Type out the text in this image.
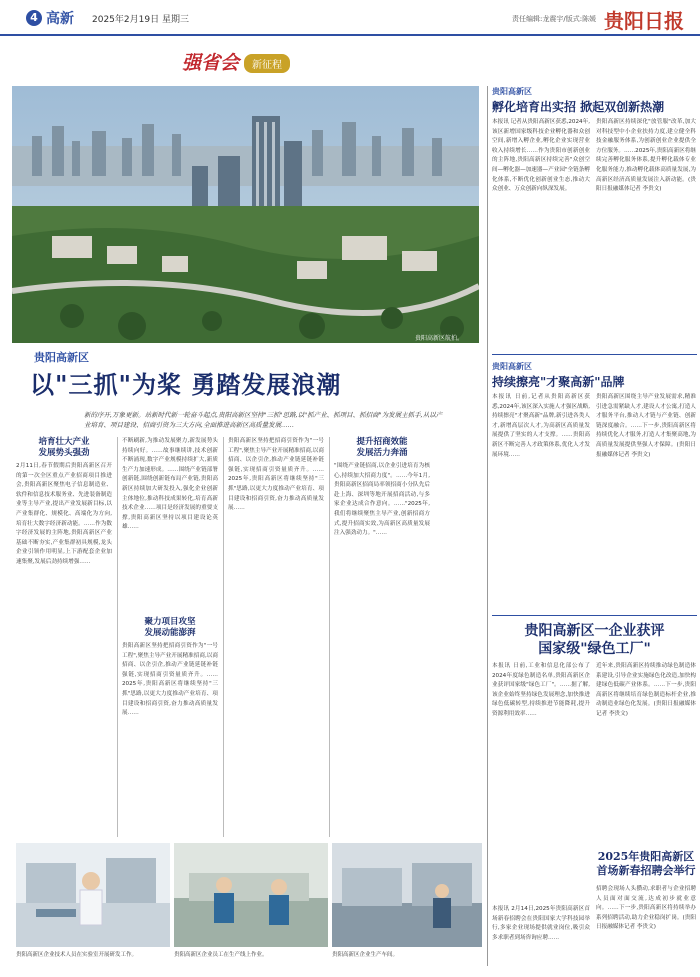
4 高新 2025年2月19日 星期三	责任编辑:龙震宇/版式:陈媛 贵阳日报
强省会	新征程
贵阳高新区航拍。
贵阳高新区
以"三抓"为桨 勇踏发展浪潮
新的序开,万象更新。站新时代新一轮奋斗起点,贵阳高新区坚持"三抓"思路,以"抓产业、抓项目、抓招商"为发展主抓手,从以产业培育、项目建设、招商引资为三大方向,全面推进高新区高质量发展……
培育壮大产业
发展势头强劲
2月11日,春节假期后贵阳高新区召开的第一次全区重点产业招商项目推进会,贵阳高新区聚焦电子信息制造业、软件和信息技术服务业、先进装备制造业等主导产业,提出产业发展新目标,以产业集群化、规模化、高端化为方向,培育壮大数字经济新动能。……作为数字经济发展的主阵地,贵阳高新区产业基础不断夯实,产业集群初具规模,龙头企业引领作用明显,上下游配套企业加速集聚,发展后劲持续增强……
不断刷新,为推动发展聚力,新发展势头持续向好。……故事继续讲,技术创新不断涌现,数字产业规模持续扩大,新质生产力加速形成。……围绕产业链部署创新链,围绕创新链布局产业链,贵阳高新区持续加大研发投入,强化企业创新主体地位,推动科技成果转化,培育高新技术企业……项目是经济发展的重要支撑,贵阳高新区坚持以项目建设论英雄……
聚力项目攻坚
发展动能澎湃
贵阳高新区坚持把招商引资作为"一号工程",聚焦主导产业开展精准招商,以商招商、以企引企,推动产业链延链补链强链,实现招商引资量质齐升。……2025年,贵阳高新区将继续坚持"三抓"思路,以更大力度推动产业培育、项目建设和招商引资,奋力推动高质量发展……
贵阳高新区坚持把招商引资作为"一号工程",聚焦主导产业开展精准招商,以商招商、以企引企,推动产业链延链补链强链,实现招商引资量质齐升。……2025年,贵阳高新区将继续坚持"三抓"思路,以更大力度推动产业培育、项目建设和招商引资,奋力推动高质量发展……
提升招商效能
发展活力奔涌
"围绕产业链招商,以企业引进培育为核心,持续加大招商力度"。……今年1月,贵阳高新区招商局率领招商小分队先后赴上海、深圳等地开展招商活动,与多家企业达成合作意向。……"2025年,我们将继续聚焦主导产业,创新招商方式,提升招商实效,为高新区高质量发展注入强劲动力。"……
贵阳高新区企业技术人员在实验室开展研发工作。	贵阳高新区企业员工在生产线上作业。	贵阳高新区企业生产车间。
贵阳高新区
孵化培育出实招 掀起双创新热潮
本报讯 记者从贵阳高新区获悉,2024年,该区新增国家级科技企业孵化器和众创空间,新增入孵企业,孵化企业实现营业收入持续增长……作为贵阳市创新创业的主阵地,贵阳高新区持续完善"众创空间—孵化器—加速器—产业园"全链条孵化体系,不断优化创新创业生态,推动大众创业、万众创新向纵深发展。
贵阳高新区持续深化"放管服"改革,加大对科技型中小企业扶持力度,建立健全科技金融服务体系,为创新创业企业提供全方位服务。……2025年,贵阳高新区将继续完善孵化服务体系,提升孵化载体专业化服务能力,推动孵化载体高质量发展,为高新区经济高质量发展注入新动能。(贵阳日报融媒体记者 李贵文)
贵阳高新区
持续擦亮"才聚高新"品牌
本报讯 日前,记者从贵阳高新区获悉,2024年,该区深入实施人才强区战略,持续擦亮"才聚高新"品牌,新引进各类人才,新增高层次人才,为高新区高质量发展提供了坚实的人才支撑。……贵阳高新区不断完善人才政策体系,优化人才发展环境……
贵阳高新区围绕主导产业发展需求,精准引进急需紧缺人才,建设人才公寓,打造人才服务平台,推动人才链与产业链、创新链深度融合。……下一步,贵阳高新区将持续优化人才服务,打造人才集聚高地,为高质量发展提供坚强人才保障。(贵阳日报融媒体记者 李贵文)
贵阳高新区一企业获评
国家级"绿色工厂"
本报讯 日前,工业和信息化部公布了2024年度绿色制造名单,贵阳高新区企业获评国家级"绿色工厂"。……据了解,该企业始终坚持绿色发展理念,加快推进绿色低碳转型,持续推进节能降耗,提升资源利用效率……
近年来,贵阳高新区持续推动绿色制造体系建设,引导企业实施绿色化改造,加快构建绿色低碳产业体系。……下一步,贵阳高新区将继续培育绿色制造标杆企业,推动制造业绿色化发展。(贵阳日报融媒体记者 李贵文)
2025年贵阳高新区
首场新春招聘会举行
本报讯 2月14日,2025年贵阳高新区首场新春招聘会在贵阳国家大学科技园举行,多家企业现场提供就业岗位,吸引众多求职者到场咨询应聘……
招聘会现场人头攒动,求职者与企业招聘人员面对面交流,达成初步就业意向。……下一步,贵阳高新区将持续举办系列招聘活动,助力企业稳岗扩岗。(贵阳日报融媒体记者 李贵文)
